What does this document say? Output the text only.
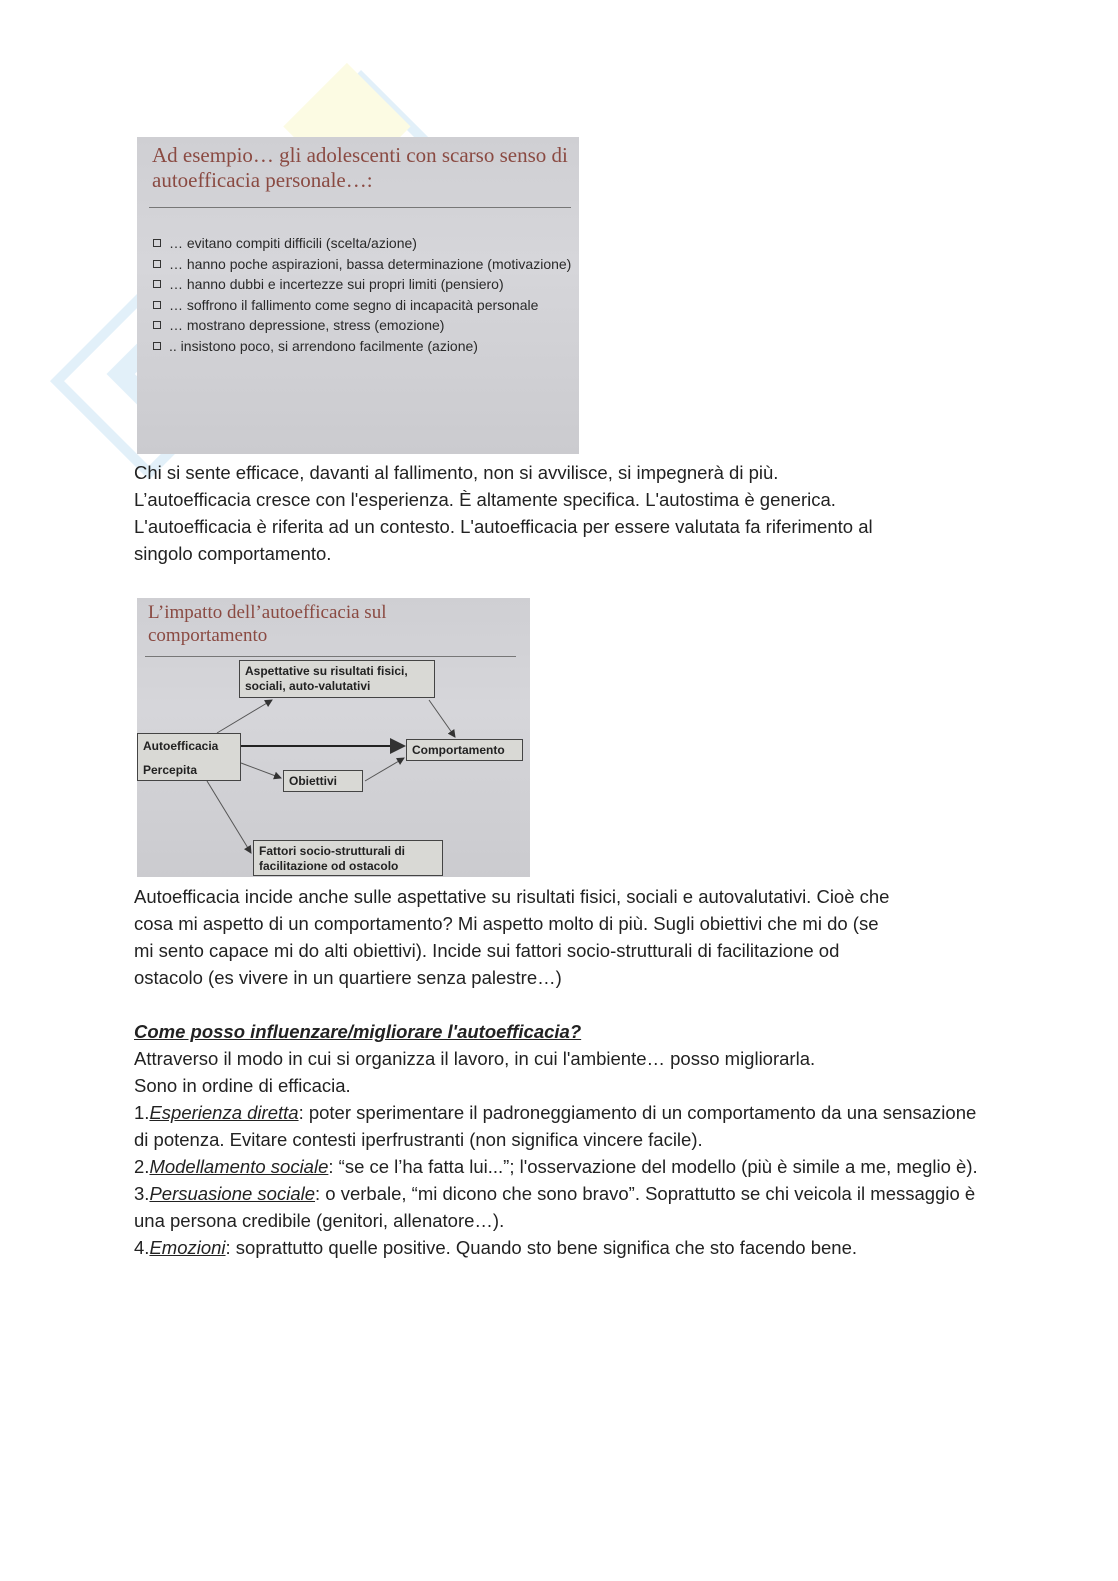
Ad esempio… gli adolescenti con scarso senso di autoefficacia personale…:
… evitano compiti difficili (scelta/azione)
… hanno poche aspirazioni, bassa determinazione (motivazione)
… hanno dubbi e incertezze sui propri limiti (pensiero)
… soffrono il fallimento come segno di incapacità personale
… mostrano depressione, stress (emozione)
.. insistono poco, si arrendono facilmente (azione)

Chi si sente efficace, davanti al fallimento, non si avvilisce, si impegnerà di più.
L’autoefficacia cresce con l'esperienza. È altamente specifica. L'autostima è generica.
L'autoefficacia è riferita ad un contesto. L'autoefficacia per essere valutata fa riferimento al
singolo comportamento.

L’impatto dell’autoefficacia sul comportamento
Aspettative su risultati fisici, sociali, auto-valutativi
Autoefficacia
Percepita
Comportamento
Obiettivi
Fattori socio-strutturali di facilitazione od ostacolo

Autoefficacia incide anche sulle aspettative su risultati fisici, sociali e autovalutativi. Cioè che
cosa mi aspetto di un comportamento? Mi aspetto molto di più. Sugli obiettivi che mi do (se
mi sento capace mi do alti obiettivi). Incide sui fattori socio-strutturali di facilitazione od
ostacolo (es vivere in un quartiere senza palestre…)

Come posso influenzare/migliorare l'autoefficacia?

Attraverso il modo in cui si organizza il lavoro, in cui l'ambiente… posso migliorarla.
Sono in ordine di efficacia.
1.Esperienza diretta: poter sperimentare il padroneggiamento di un comportamento da una sensazione di potenza. Evitare contesti iperfrustranti (non significa vincere facile).
2.Modellamento sociale: “se ce l’ha fatta lui...”; l'osservazione del modello (più è simile a me, meglio è).
3.Persuasione sociale: o verbale, “mi dicono che sono bravo”. Soprattutto se chi veicola il messaggio è una persona credibile (genitori, allenatore…).
4.Emozioni: soprattutto quelle positive. Quando sto bene significa che sto facendo bene.
